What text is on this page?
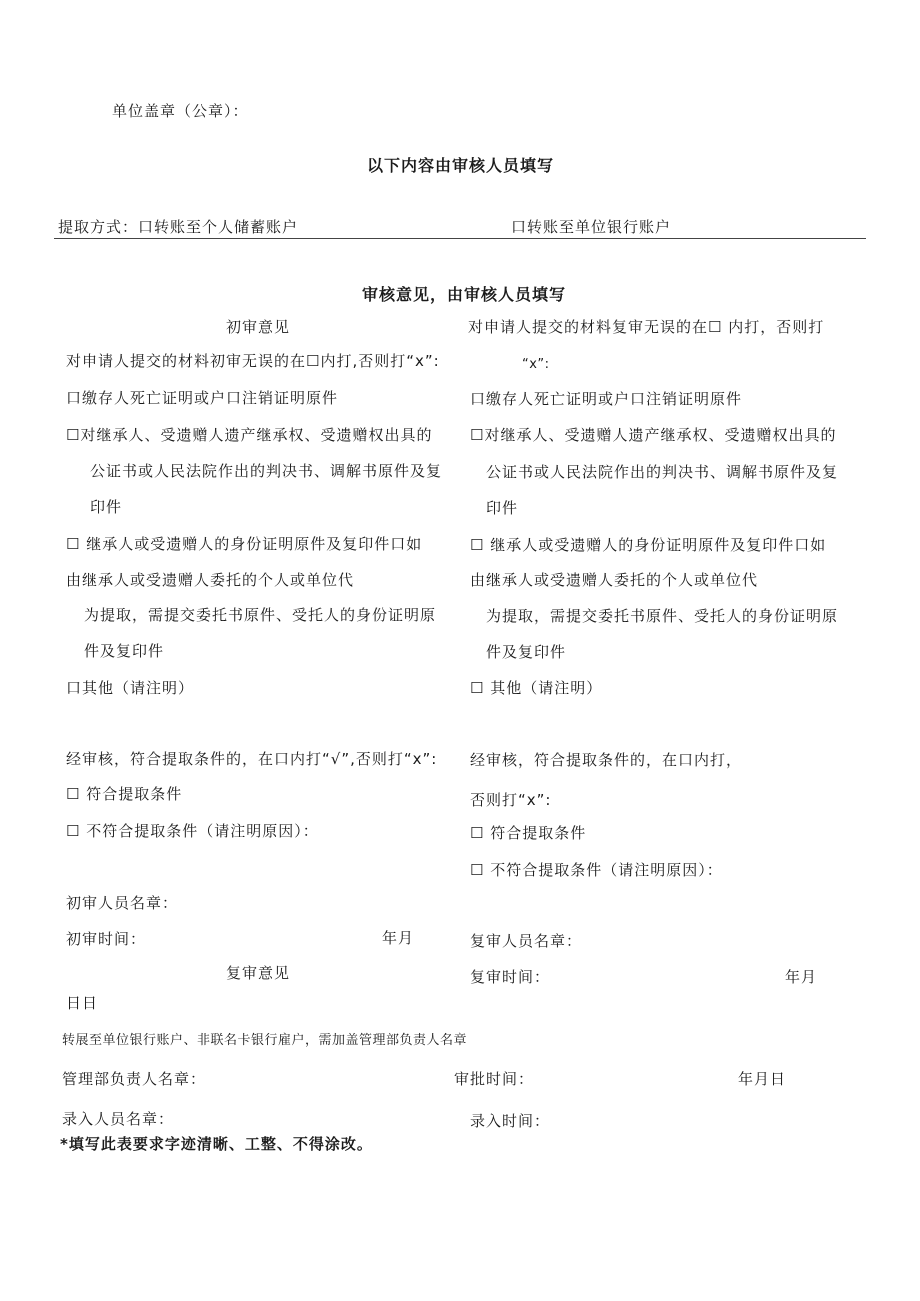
单位盖章（公章）：
以下内容由审核人员填写
提取方式：口转账至个人储蓄账户	口转账至单位银行账户
审核意见，由审核人员填写
初审意见
对申请人提交的材料初审无误的在☐内打,否则打“x”:
口缴存人死亡证明或户口注销证明原件
☐对继承人、受遗赠人遗产继承权、受遗赠权出具的
公证书或人民法院作出的判决书、调解书原件及复
印件
☐ 继承人或受遗赠人的身份证明原件及复印件口如
由继承人或受遗赠人委托的个人或单位代
为提取，需提交委托书原件、受托人的身份证明原
件及复印件
口其他（请注明）
经审核，符合提取条件的，在口内打“√”,否则打“x”:
☐ 符合提取条件
☐ 不符合提取条件（请注明原因）：
初审人员名章：
初审时间：	年月
复审意见
日日
对申请人提交的材料复审无误的在☐ 内打，否则打
“x”:
口缴存人死亡证明或户口注销证明原件
☐对继承人、受遗赠人遗产继承权、受遗赠权出具的
公证书或人民法院作出的判决书、调解书原件及复
印件
☐ 继承人或受遗赠人的身份证明原件及复印件口如
由继承人或受遗赠人委托的个人或单位代
为提取，需提交委托书原件、受托人的身份证明原
件及复印件
☐ 其他（请注明）
经审核，符合提取条件的，在口内打，
否则打“x”:
☐ 符合提取条件
☐ 不符合提取条件（请注明原因）：
复审人员名章：
复审时间：	年月
转展至单位银行账户、非联名卡银行雇户，需加盖管理部负责人名章
管理部负责人名章：	审批时间：	年月日
录入人员名章：	录入时间：
*填写此表要求字迹清晰、工整、不得涂改。
